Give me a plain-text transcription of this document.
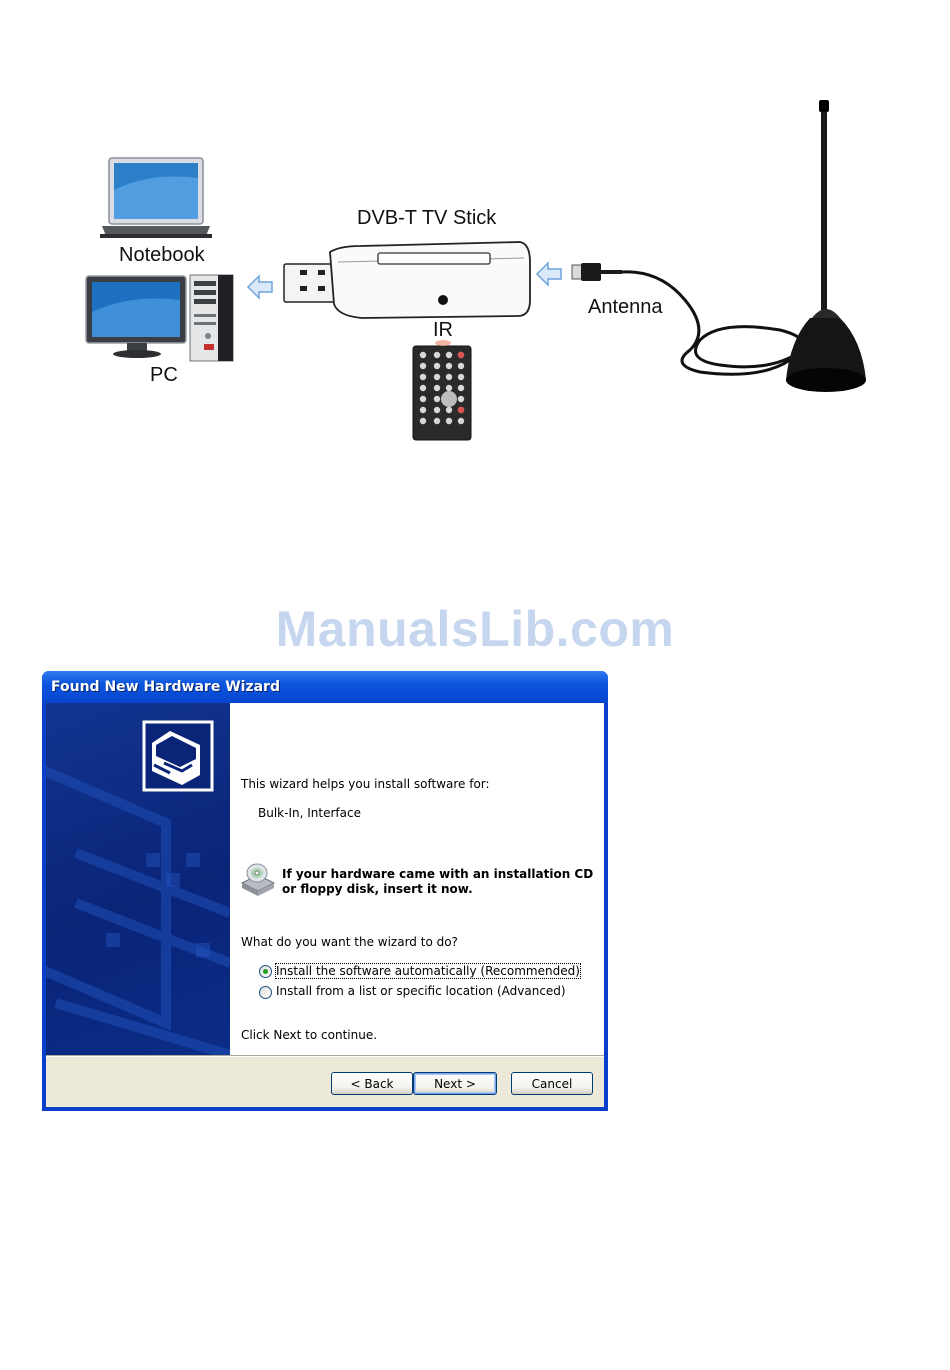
DVB-T TV Stick
Notebook
PC
IR
Antenna
ManualsLib.com
Found New Hardware Wizard
This wizard helps you install software for:
Bulk-In, Interface
If your hardware came with an installation CD
or floppy disk, insert it now.
What do you want the wizard to do?
Install the software automatically (Recommended)
Install from a list or specific location (Advanced)
Click Next to continue.
< Back	Next >	Cancel
